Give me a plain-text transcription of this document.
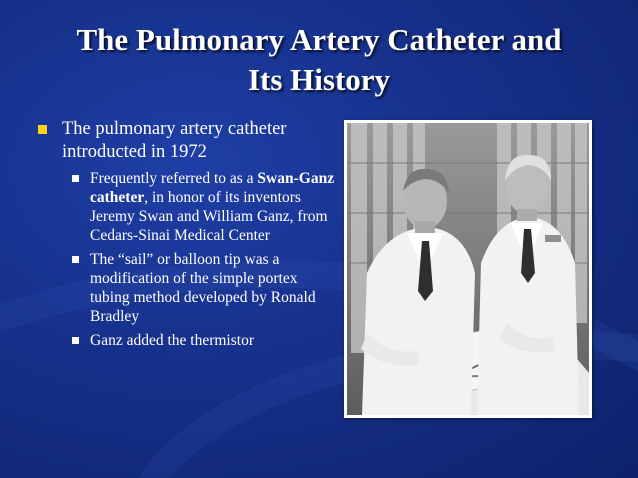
The Pulmonary Artery Catheter and
Its History
The pulmonary artery catheter introducted in 1972
Frequently referred to as a Swan-Ganz catheter, in honor of its inventors Jeremy Swan and William Ganz, from Cedars-Sinai Medical Center
The “sail” or balloon tip was a modification of the simple portex tubing method developed by Ronald Bradley
Ganz added the thermistor
